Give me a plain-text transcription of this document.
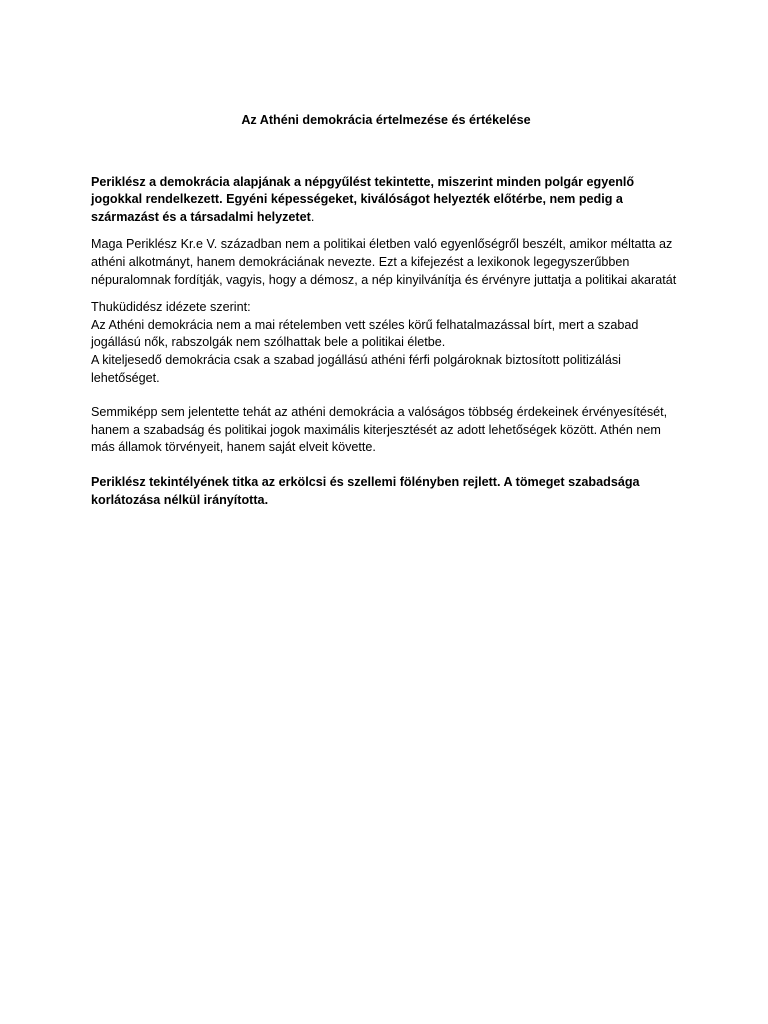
Az Athéni demokrácia értelmezése és értékelése

Periklész a demokrácia alapjának a népgyűlést tekintette, miszerint minden polgár egyenlő jogokkal rendelkezett. Egyéni képességeket, kiválóságot helyezték előtérbe, nem pedig a származást és a társadalmi helyzetet.

Maga Periklész Kr.e V. században nem a politikai életben való egyenlőségről beszélt, amikor méltatta az athéni alkotmányt, hanem demokráciának nevezte. Ezt a kifejezést a lexikonok legegyszerűbben népuralomnak fordítják, vagyis, hogy a démosz, a nép kinyilvánítja és érvényre juttatja a politikai akaratát

Thuküdidész idézete szerint:
Az Athéni demokrácia nem a mai rételemben vett széles körű felhatalmazással bírt, mert a szabad jogállású nők, rabszolgák nem szólhattak bele a politikai életbe.
A kiteljesedő demokrácia csak a szabad jogállású athéni férfi polgároknak biztosított politizálási lehetőséget.

Semmiképp sem jelentette tehát az athéni demokrácia a valóságos többség érdekeinek érvényesítését, hanem a szabadság és politikai jogok maximális kiterjesztését az adott lehetőségek között. Athén nem más államok törvényeit, hanem saját elveit követte.

Periklész tekintélyének titka az erkölcsi és szellemi fölényben rejlett. A tömeget szabadsága korlátozása nélkül irányította.
